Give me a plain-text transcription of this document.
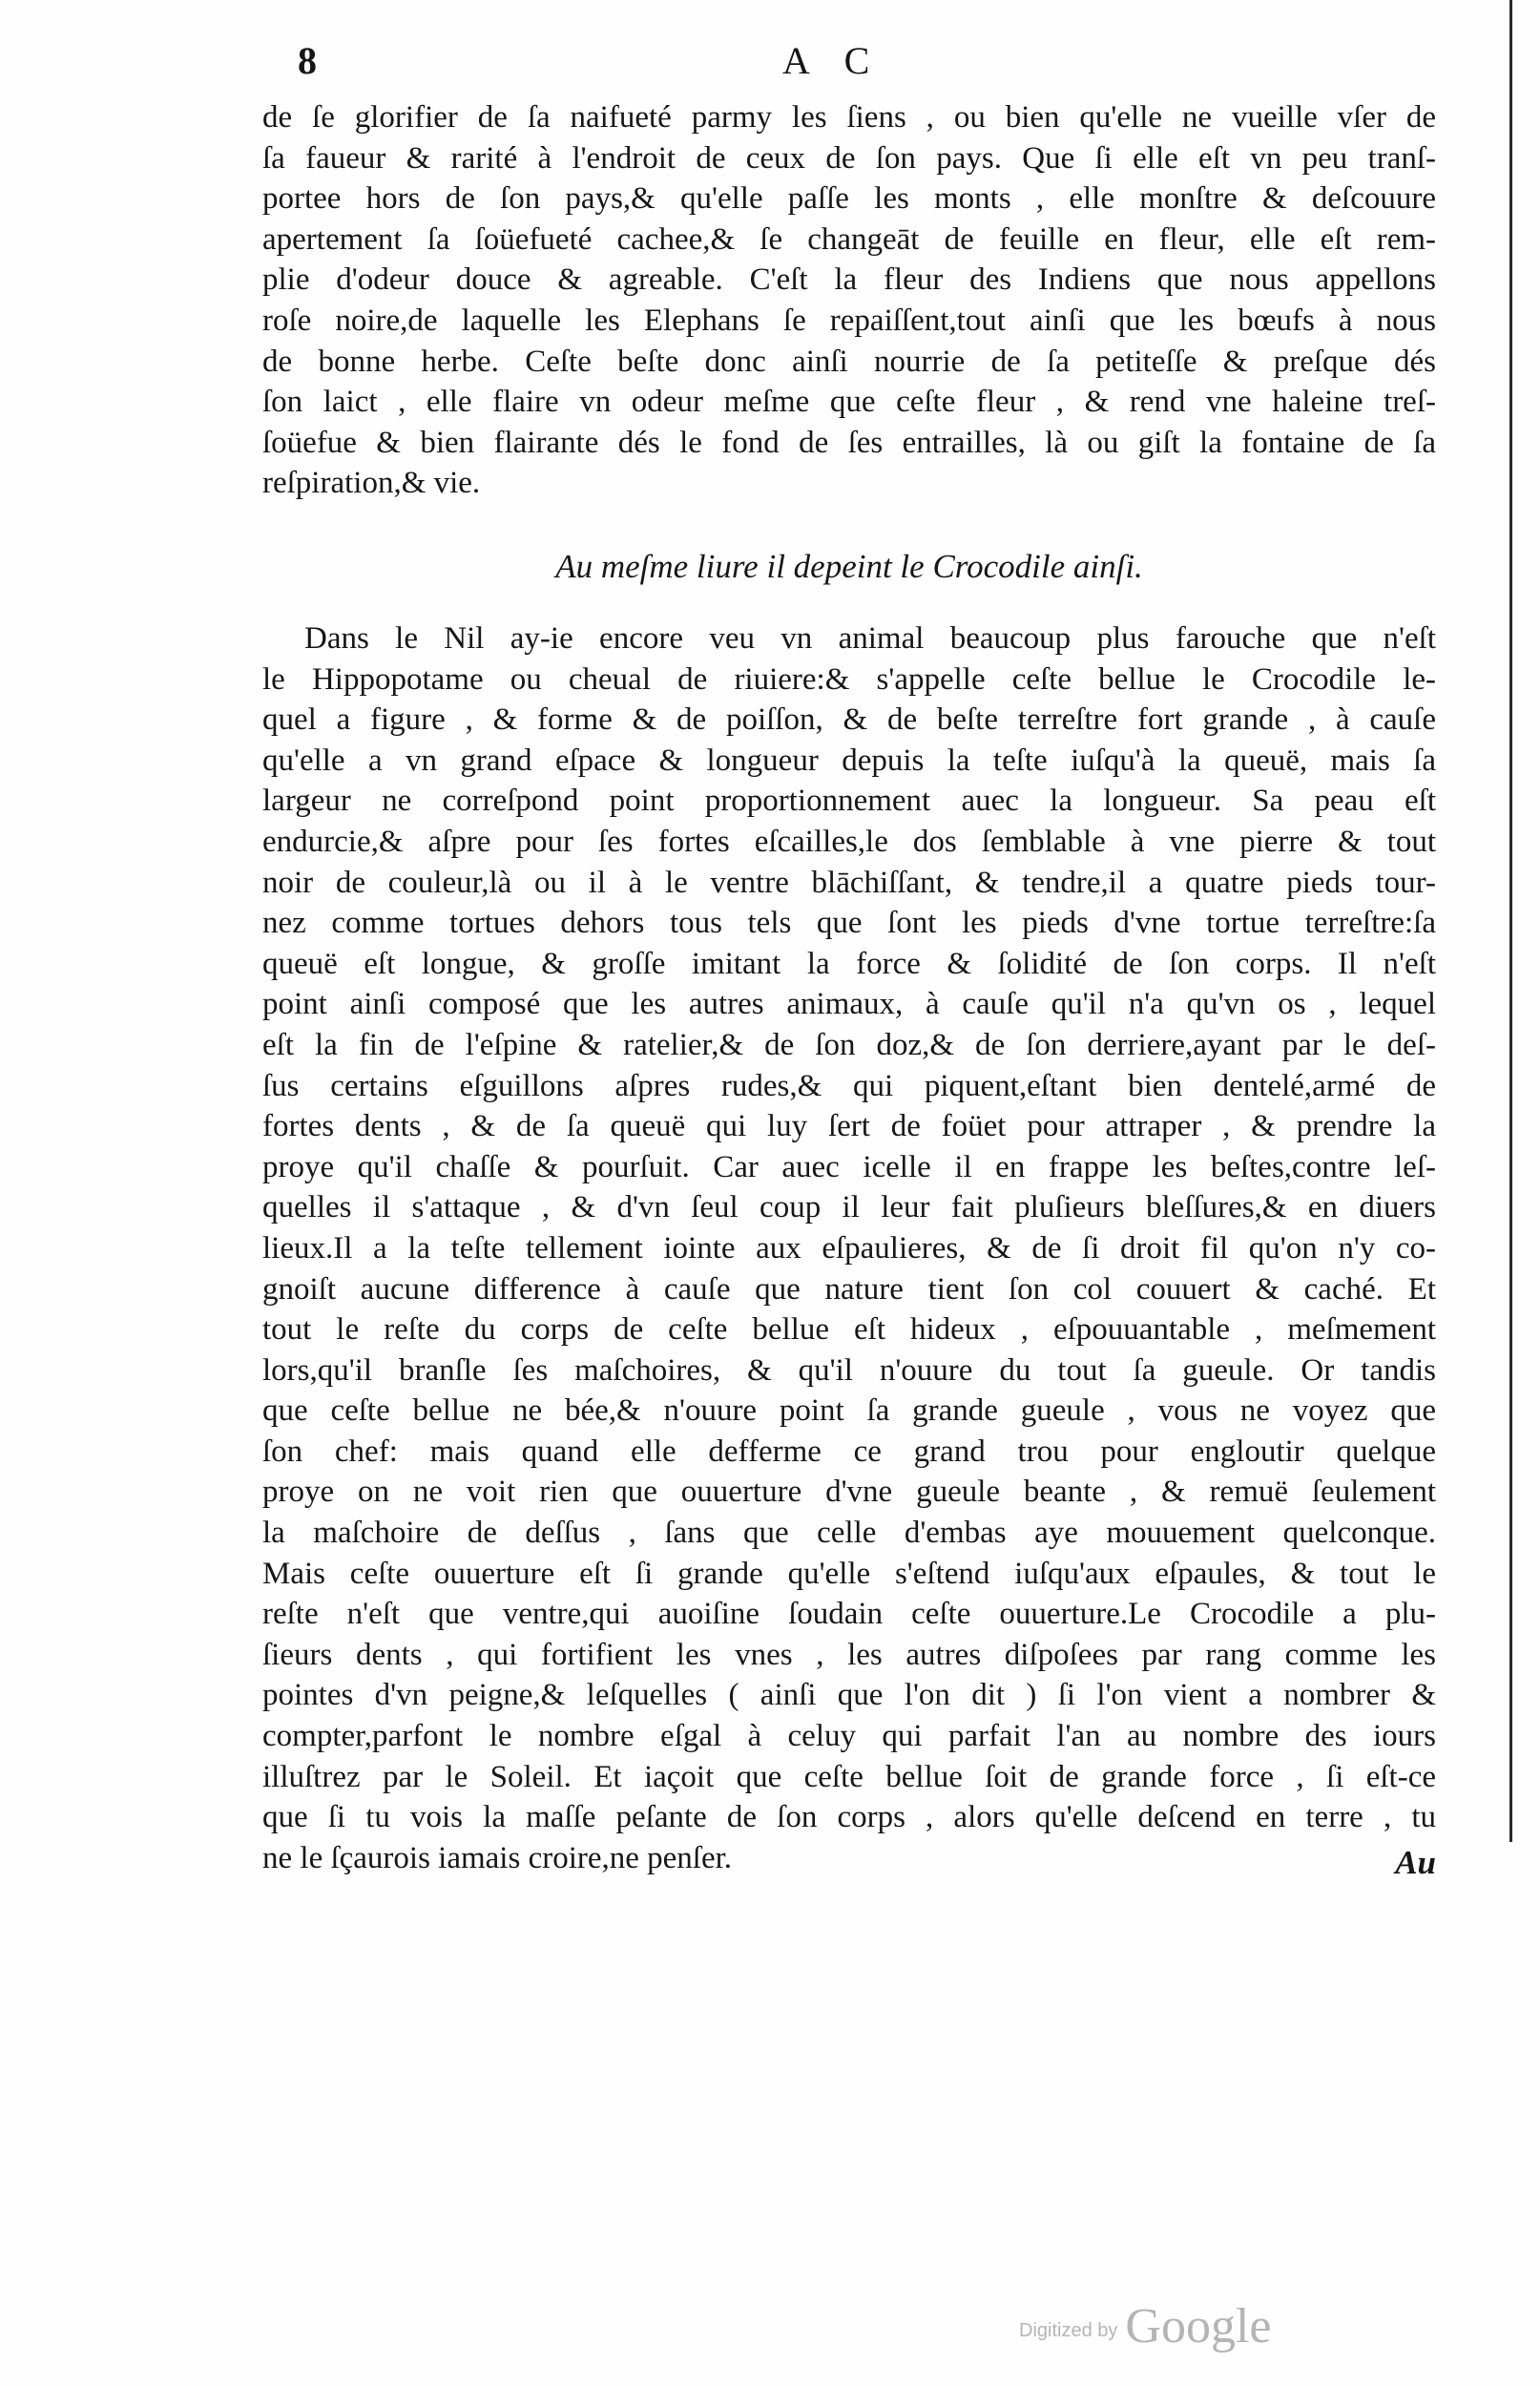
8	A C
de ſe glorifier de ſa naifueté parmy les ſiens , ou bien qu'elle ne vueille vſer de
ſa faueur & rarité à l'endroit de ceux de ſon pays. Que ſi elle eſt vn peu tranſ-
portee hors de ſon pays,& qu'elle paſſe les monts , elle monſtre & deſcouure
apertement ſa ſoüefueté cachee,& ſe changeāt de feuille en fleur, elle eſt rem-
plie d'odeur douce & agreable. C'eſt la fleur des Indiens que nous appellons
roſe noire,de laquelle les Elephans ſe repaiſſent,tout ainſi que les bœufs à nous
de bonne herbe. Ceſte beſte donc ainſi nourrie de ſa petiteſſe & preſque dés
ſon laict , elle flaire vn odeur meſme que ceſte fleur , & rend vne haleine treſ-
ſoüefue & bien flairante dés le fond de ſes entrailles, là ou giſt la fontaine de ſa
reſpiration,& vie.
Au meſme liure il depeint le Crocodile ainſi.
Dans le Nil ay-ie encore veu vn animal beaucoup plus farouche que n'eſt
le Hippopotame ou cheual de riuiere:& s'appelle ceſte bellue le Crocodile le-
quel a figure , & forme & de poiſſon, & de beſte terreſtre fort grande , à cauſe
qu'elle a vn grand eſpace & longueur depuis la teſte iuſqu'à la queuë, mais ſa
largeur ne correſpond point proportionnement auec la longueur. Sa peau eſt
endurcie,& aſpre pour ſes fortes eſcailles,le dos ſemblable à vne pierre & tout
noir de couleur,là ou il à le ventre blāchiſſant, & tendre,il a quatre pieds tour-
nez comme tortues dehors tous tels que ſont les pieds d'vne tortue terreſtre:ſa
queuë eſt longue, & groſſe imitant la force & ſolidité de ſon corps. Il n'eſt
point ainſi composé que les autres animaux, à cauſe qu'il n'a qu'vn os , lequel
eſt la fin de l'eſpine & ratelier,& de ſon doz,& de ſon derriere,ayant par le deſ-
ſus certains eſguillons aſpres rudes,& qui piquent,eſtant bien dentelé,armé de
fortes dents , & de ſa queuë qui luy ſert de foüet pour attraper , & prendre la
proye qu'il chaſſe & pourſuit. Car auec icelle il en frappe les beſtes,contre leſ-
quelles il s'attaque , & d'vn ſeul coup il leur fait pluſieurs bleſſures,& en diuers
lieux.Il a la teſte tellement iointe aux eſpaulieres, & de ſi droit fil qu'on n'y co-
gnoiſt aucune difference à cauſe que nature tient ſon col couuert & caché. Et
tout le reſte du corps de ceſte bellue eſt hideux , eſpouuantable , meſmement
lors,qu'il branſle ſes maſchoires, & qu'il n'ouure du tout ſa gueule. Or tandis
que ceſte bellue ne bée,& n'ouure point ſa grande gueule , vous ne voyez que
ſon chef: mais quand elle defferme ce grand trou pour engloutir quelque
proye on ne voit rien que ouuerture d'vne gueule beante , & remuë ſeulement
la maſchoire de deſſus , ſans que celle d'embas aye mouuement quelconque.
Mais ceſte ouuerture eſt ſi grande qu'elle s'eſtend iuſqu'aux eſpaules, & tout le
reſte n'eſt que ventre,qui auoiſine ſoudain ceſte ouuerture.Le Crocodile a plu-
ſieurs dents , qui fortifient les vnes , les autres diſpoſees par rang comme les
pointes d'vn peigne,& leſquelles ( ainſi que l'on dit ) ſi l'on vient a nombrer &
compter,parfont le nombre eſgal à celuy qui parfait l'an au nombre des iours
illuſtrez par le Soleil. Et iaçoit que ceſte bellue ſoit de grande force , ſi eſt-ce
que ſi tu vois la maſſe peſante de ſon corps , alors qu'elle deſcend en terre , tu
ne le ſçaurois iamais croire,ne penſer.	Au
Digitized by Google
